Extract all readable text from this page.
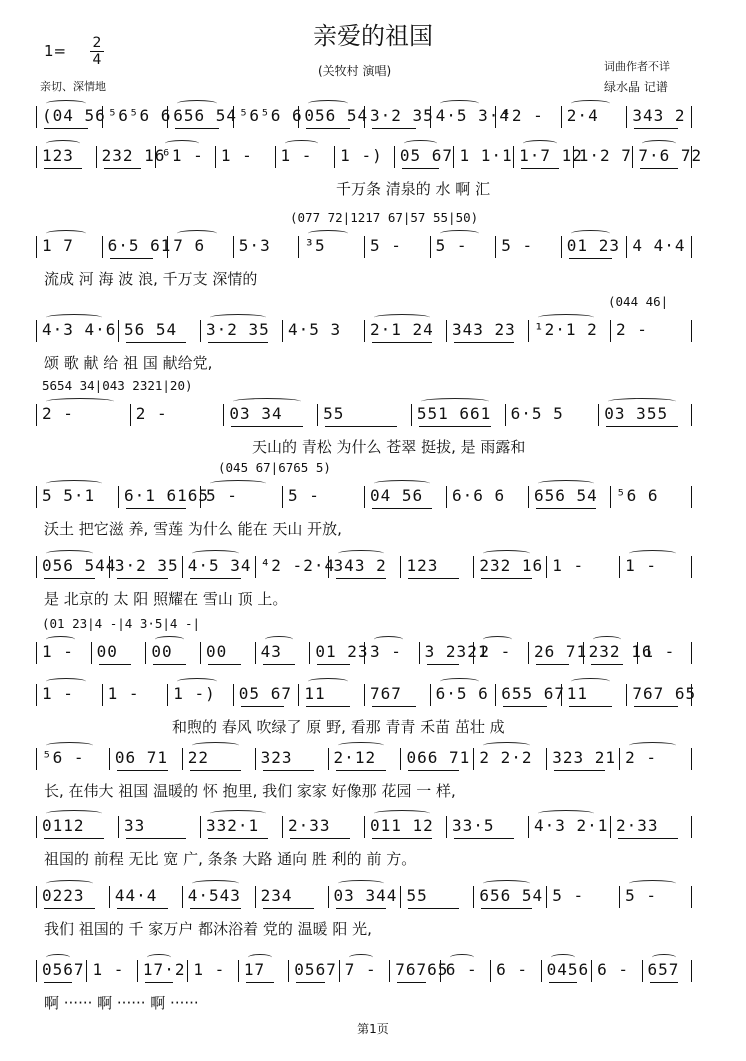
亲爱的祖国
1= 2
4
(关牧村 演唱)
亲切、深情地
词曲作者不详
绿水晶 记谱
(04 56 ⁵6⁵6 6 656 54 ⁵6⁵6 6 056 54 3·2 35 4·5 3·4
⁴2 - 2·4 343 2
123 232 16
⁶1 - 1 - 1 - 1 -) 05 67 1 1·1 1·7 12
1·2 7 7·6 72
千万条 清泉的 水 啊 汇
1 7 6·5 61 7 6 5·3 ³5	5 - 5 - 5 - 01 23 4 4·4
流成 河 海 波 浪, 千万支 深情的
(077 72|1217 67|57 55|50)
4·3 4·6 56 54 3·2 35 4·5 3 2·1 24 343 23 ¹2·1 2 2 -
颂 歌 献 给 祖 国 献给党,
(044 46|
2 -	2 -	03 34	55	551 661 6·5 5	03 355
天山的 青松 为什么 苍翠 挺拔, 是 雨露和
5654 34|043 2321|20)
5 5·1 6·1 6165
5 -	5 -	04 56 6·6 6 656 54 ⁵6 6
沃土 把它滋 养, 雪莲 为什么 能在 天山 开放,
(045 67|6765 5)
056 544
3·2 35 4·5 34 ⁴2 -2·4
343 2 123	232 16 1 -	1 -
是 北京的 太 阳 照耀在 雪山 顶 上。
1 - 00 00 00 43 01 23 3 - 3 2321
2 - 26 71 232 16
1 -
(01 23|4 -|4 3·5|4 -|
1 - 1 - 1 -) 05 67 11	767 6·5 6 655 67 11	767 65
和煦的 春风 吹绿了 原 野, 看那 青青 禾苗 茁壮 成
⁵6 - 06 71 22	323	2·12 066 71 2 2·2 323 21 2 -
长, 在伟大 祖国 温暖的 怀 抱里, 我们 家家 好像那 花园 一 样,
0112 33	332·1 2·33 011 12 33·5 4·3 2·1 2·33
祖国的 前程 无比 宽 广, 条条 大路 通向 胜 利的 前 方。
0223 44·4 4·543 234	03 344 55	656 54 5 -	5 -
我们 祖国的 千 家万户 都沐浴着 党的 温暖 阳 光,
0567 1 - 17·2 1 - 17 0567 7 - 76765
6 - 6 - 0456 6 - 657
啊 ······ 啊 ······ 啊 ······
第1页
